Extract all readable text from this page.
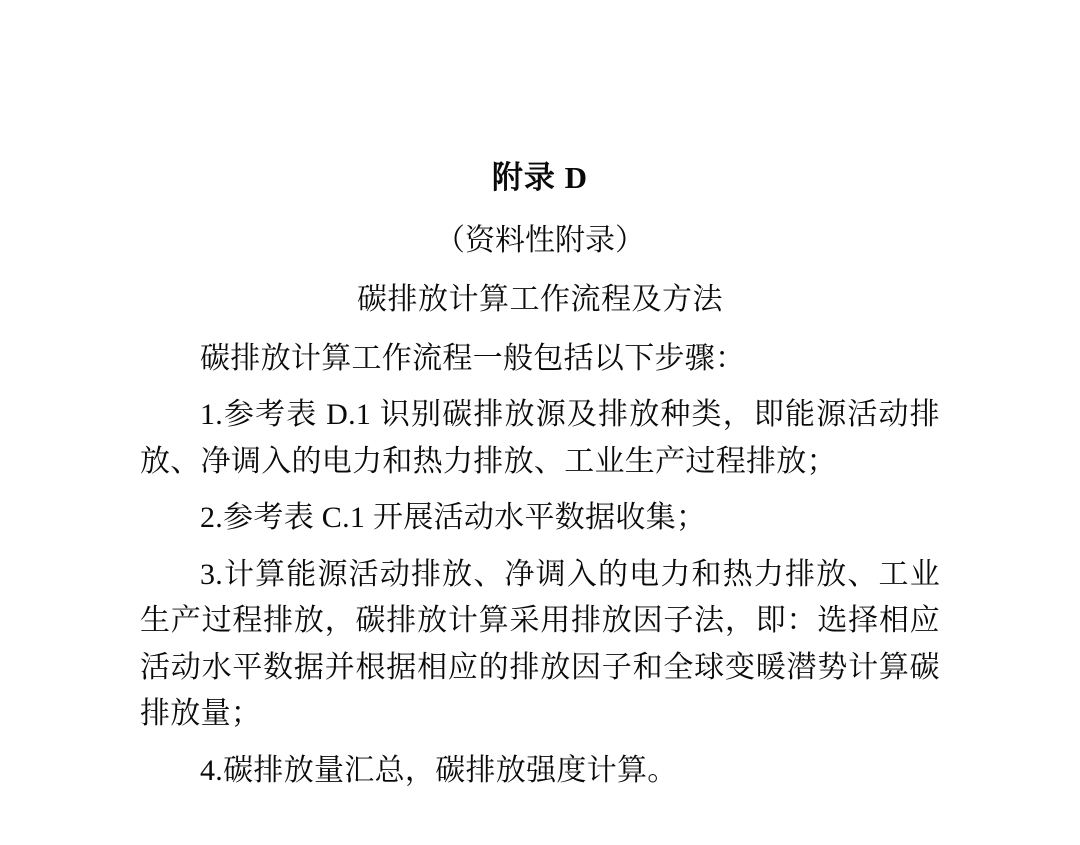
附录 D
（资料性附录）
碳排放计算工作流程及方法

碳排放计算工作流程一般包括以下步骤：

1.参考表 D.1 识别碳排放源及排放种类，即能源活动排放、净调入的电力和热力排放、工业生产过程排放；

2.参考表 C.1 开展活动水平数据收集；

3.计算能源活动排放、净调入的电力和热力排放、工业生产过程排放，碳排放计算采用排放因子法，即：选择相应活动水平数据并根据相应的排放因子和全球变暖潜势计算碳排放量；

4.碳排放量汇总，碳排放强度计算。
